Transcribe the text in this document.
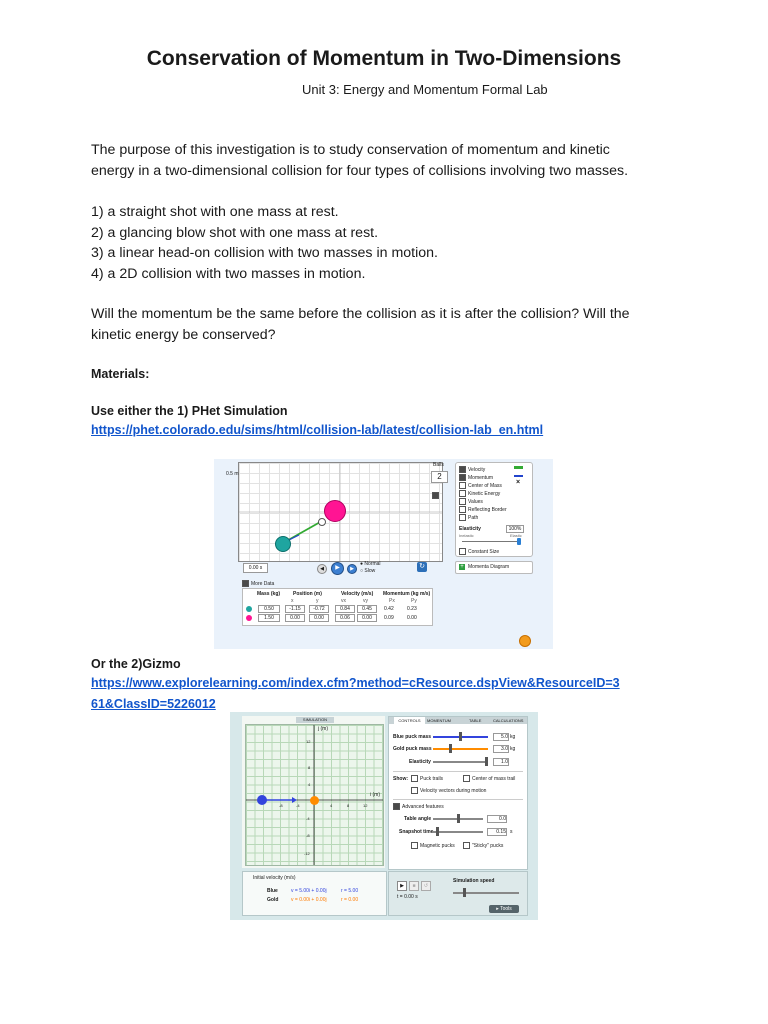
Conservation of Momentum in Two-Dimensions
Unit 3: Energy and Momentum Formal Lab
The purpose of this investigation is to study conservation of momentum and kinetic
energy in a two-dimensional collision for four types of collisions involving two masses.
1) a straight shot with one mass at rest.
2) a glancing blow shot with one mass at rest.
3) a linear head-on collision with two masses in motion.
4) a 2D collision with two masses in motion.
Will the momentum be the same before the collision as it is after the collision? Will the
kinetic energy be conserved?
Materials:
Use either the 1) PHet Simulation
https://phet.colorado.edu/sims/html/collision-lab/latest/collision-lab_en.html
0.5 m
Balls
2
Velocity
Momentum
Center of Mass
Kinetic Energy
Values
Reflecting Border
Path
×
Elasticity	100%
Inelastic	Elastic
Constant Size
+ Momenta Diagram
0.00 s	◀	▶	▶
● Normal
○ Slow
↻
More Data
Mass (kg)	Position (m)	Velocity (m/s) Momentum (kg m/s)
x	y	vx	vy	Px	Py
0.50	-1.15	-0.72	0.84	0.45	0.42	0.23
1.50	0.00	0.00	0.06	0.00	0.09	0.00
Or the 2)Gizmo
https://www.explorelearning.com/index.cfm?method=cResource.dspView&ResourceID=3
61&ClassID=5226012
SIMULATION
j (m)
i (m)
12
8
4
-4
-8
-12
-8	-4	4	8	12
CONTROLS	MOMENTUM	TABLE	CALCULATIONS
Blue puck mass	5.0 kg
Gold puck mass	3.0 kg
Elasticity	1.0
Show:	Puck trails	Center of mass trail
Velocity vectors during motion
Advanced features
Table angle	0.0
Snapshot time	0.15 s
Magnetic pucks	"Sticky" pucks
Initial velocity (m/s)
Blue	v = 5.00i + 0.00j	r = 5.00
Gold	v = 0.00i + 0.00j	r = 0.00
▶	■	↺
t = 0.00 s
Simulation speed
▸ Tools
